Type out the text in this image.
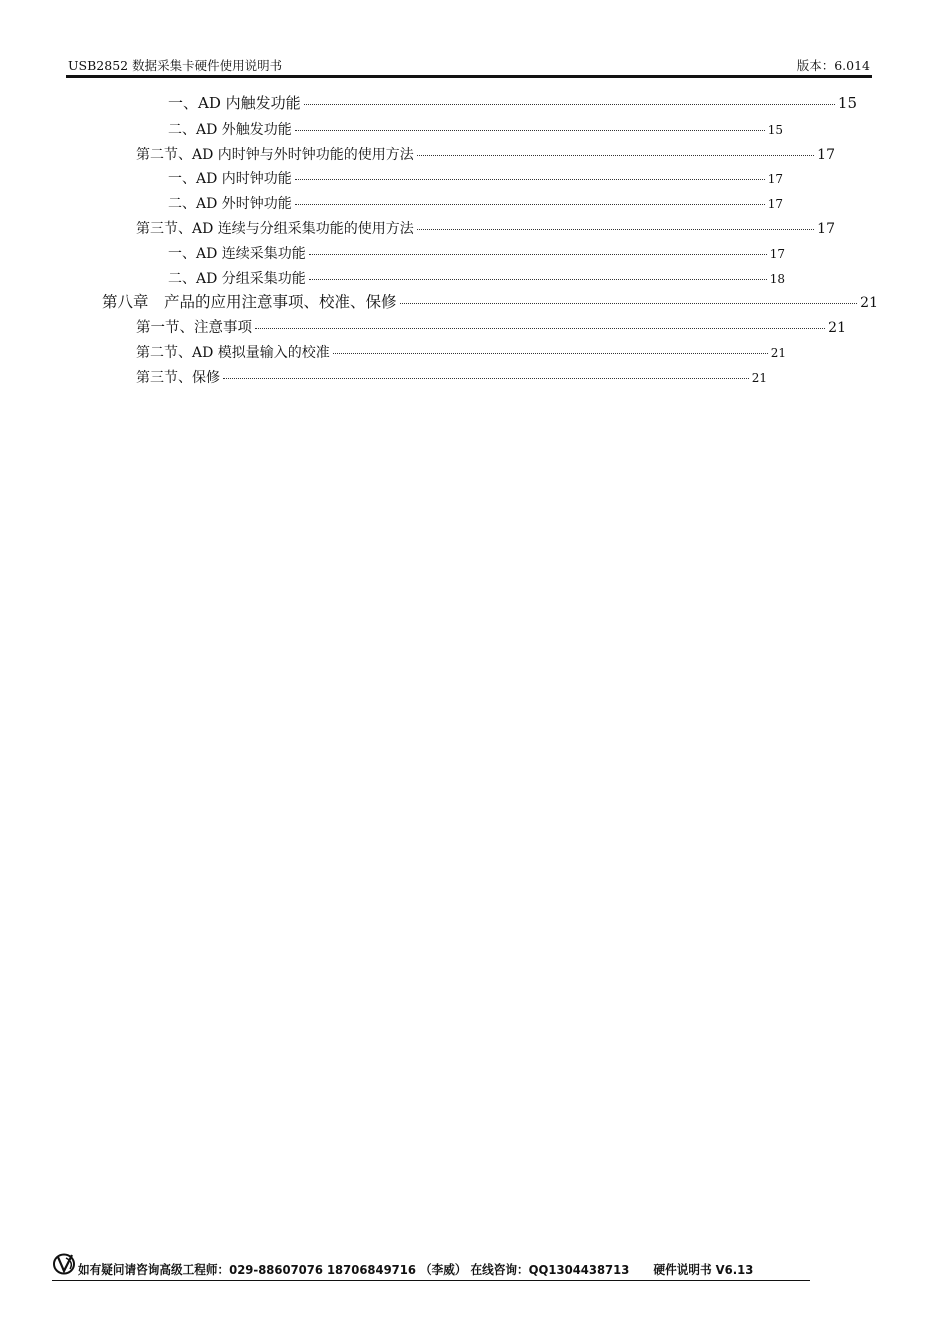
USB2852 数据采集卡硬件使用说明书	版本：6.014
一、AD 内触发功能	15
二、AD 外触发功能	15
第二节、AD 内时钟与外时钟功能的使用方法	17
一、AD 内时钟功能	17
二、AD 外时钟功能	17
第三节、AD 连续与分组采集功能的使用方法	17
一、AD 连续采集功能	17
二、AD 分组采集功能	18
第八章　产品的应用注意事项、校准、保修	21
第一节、注意事项	21
第二节、AD 模拟量输入的校准	21
第三节、保修	21
如有疑问请咨询高级工程师：029-88607076 18706849716 （李威） 在线咨询：QQ1304438713 硬件说明书 V6.13
